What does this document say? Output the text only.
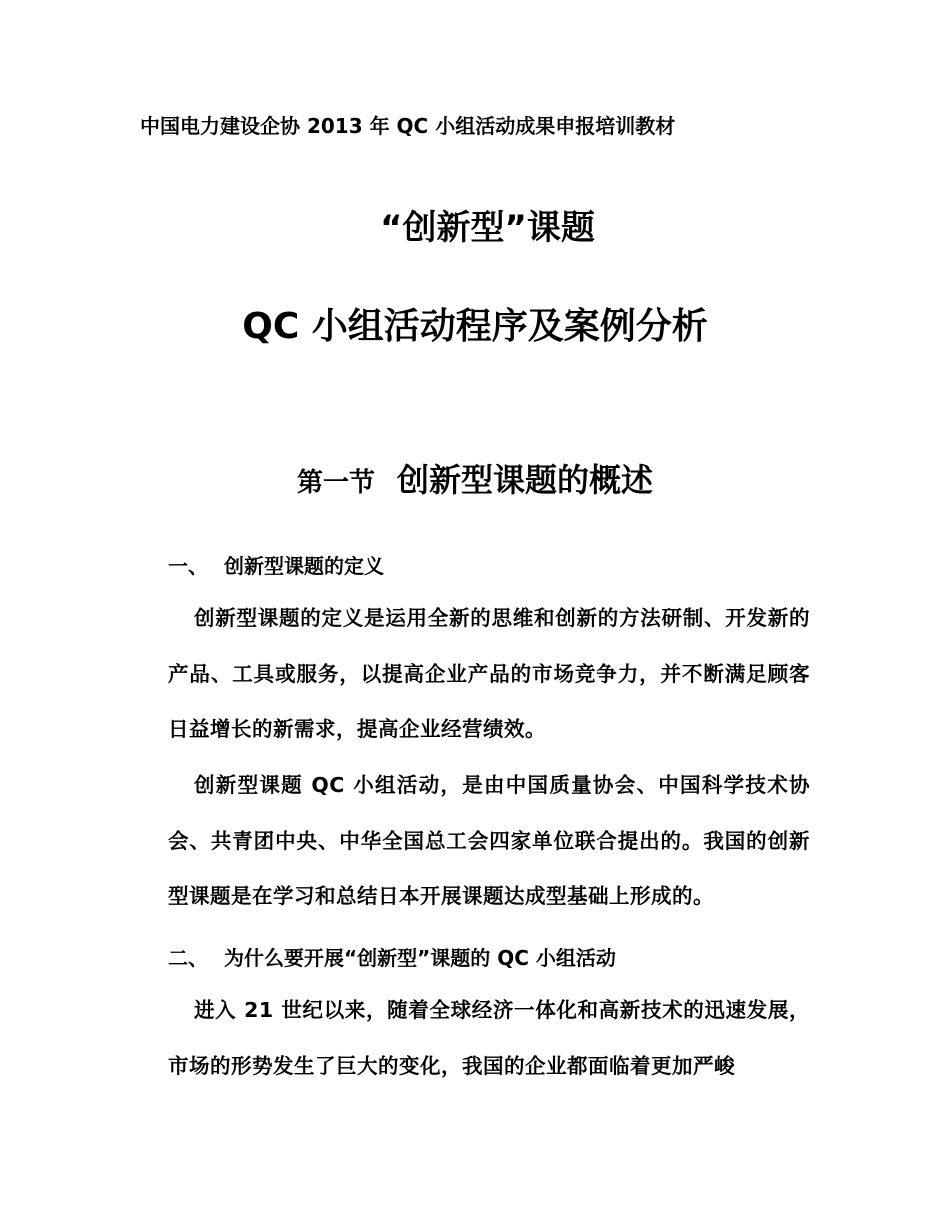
中国电力建设企协 2013 年 QC 小组活动成果申报培训教材
“创新型”课题
QC 小组活动程序及案例分析
第一节 创新型课题的概述
一、 创新型课题的定义
创新型课题的定义是运用全新的思维和创新的方法研制、开发新的产品、工具或服务，以提高企业产品的市场竞争力，并不断满足顾客日益增长的新需求，提高企业经营绩效。
创新型课题 QC 小组活动，是由中国质量协会、中国科学技术协会、共青团中央、中华全国总工会四家单位联合提出的。我国的创新型课题是在学习和总结日本开展课题达成型基础上形成的。
二、 为什么要开展“创新型”课题的 QC 小组活动
进入 21 世纪以来，随着全球经济一体化和高新技术的迅速发展，市场的形势发生了巨大的变化，我国的企业都面临着更加严峻
